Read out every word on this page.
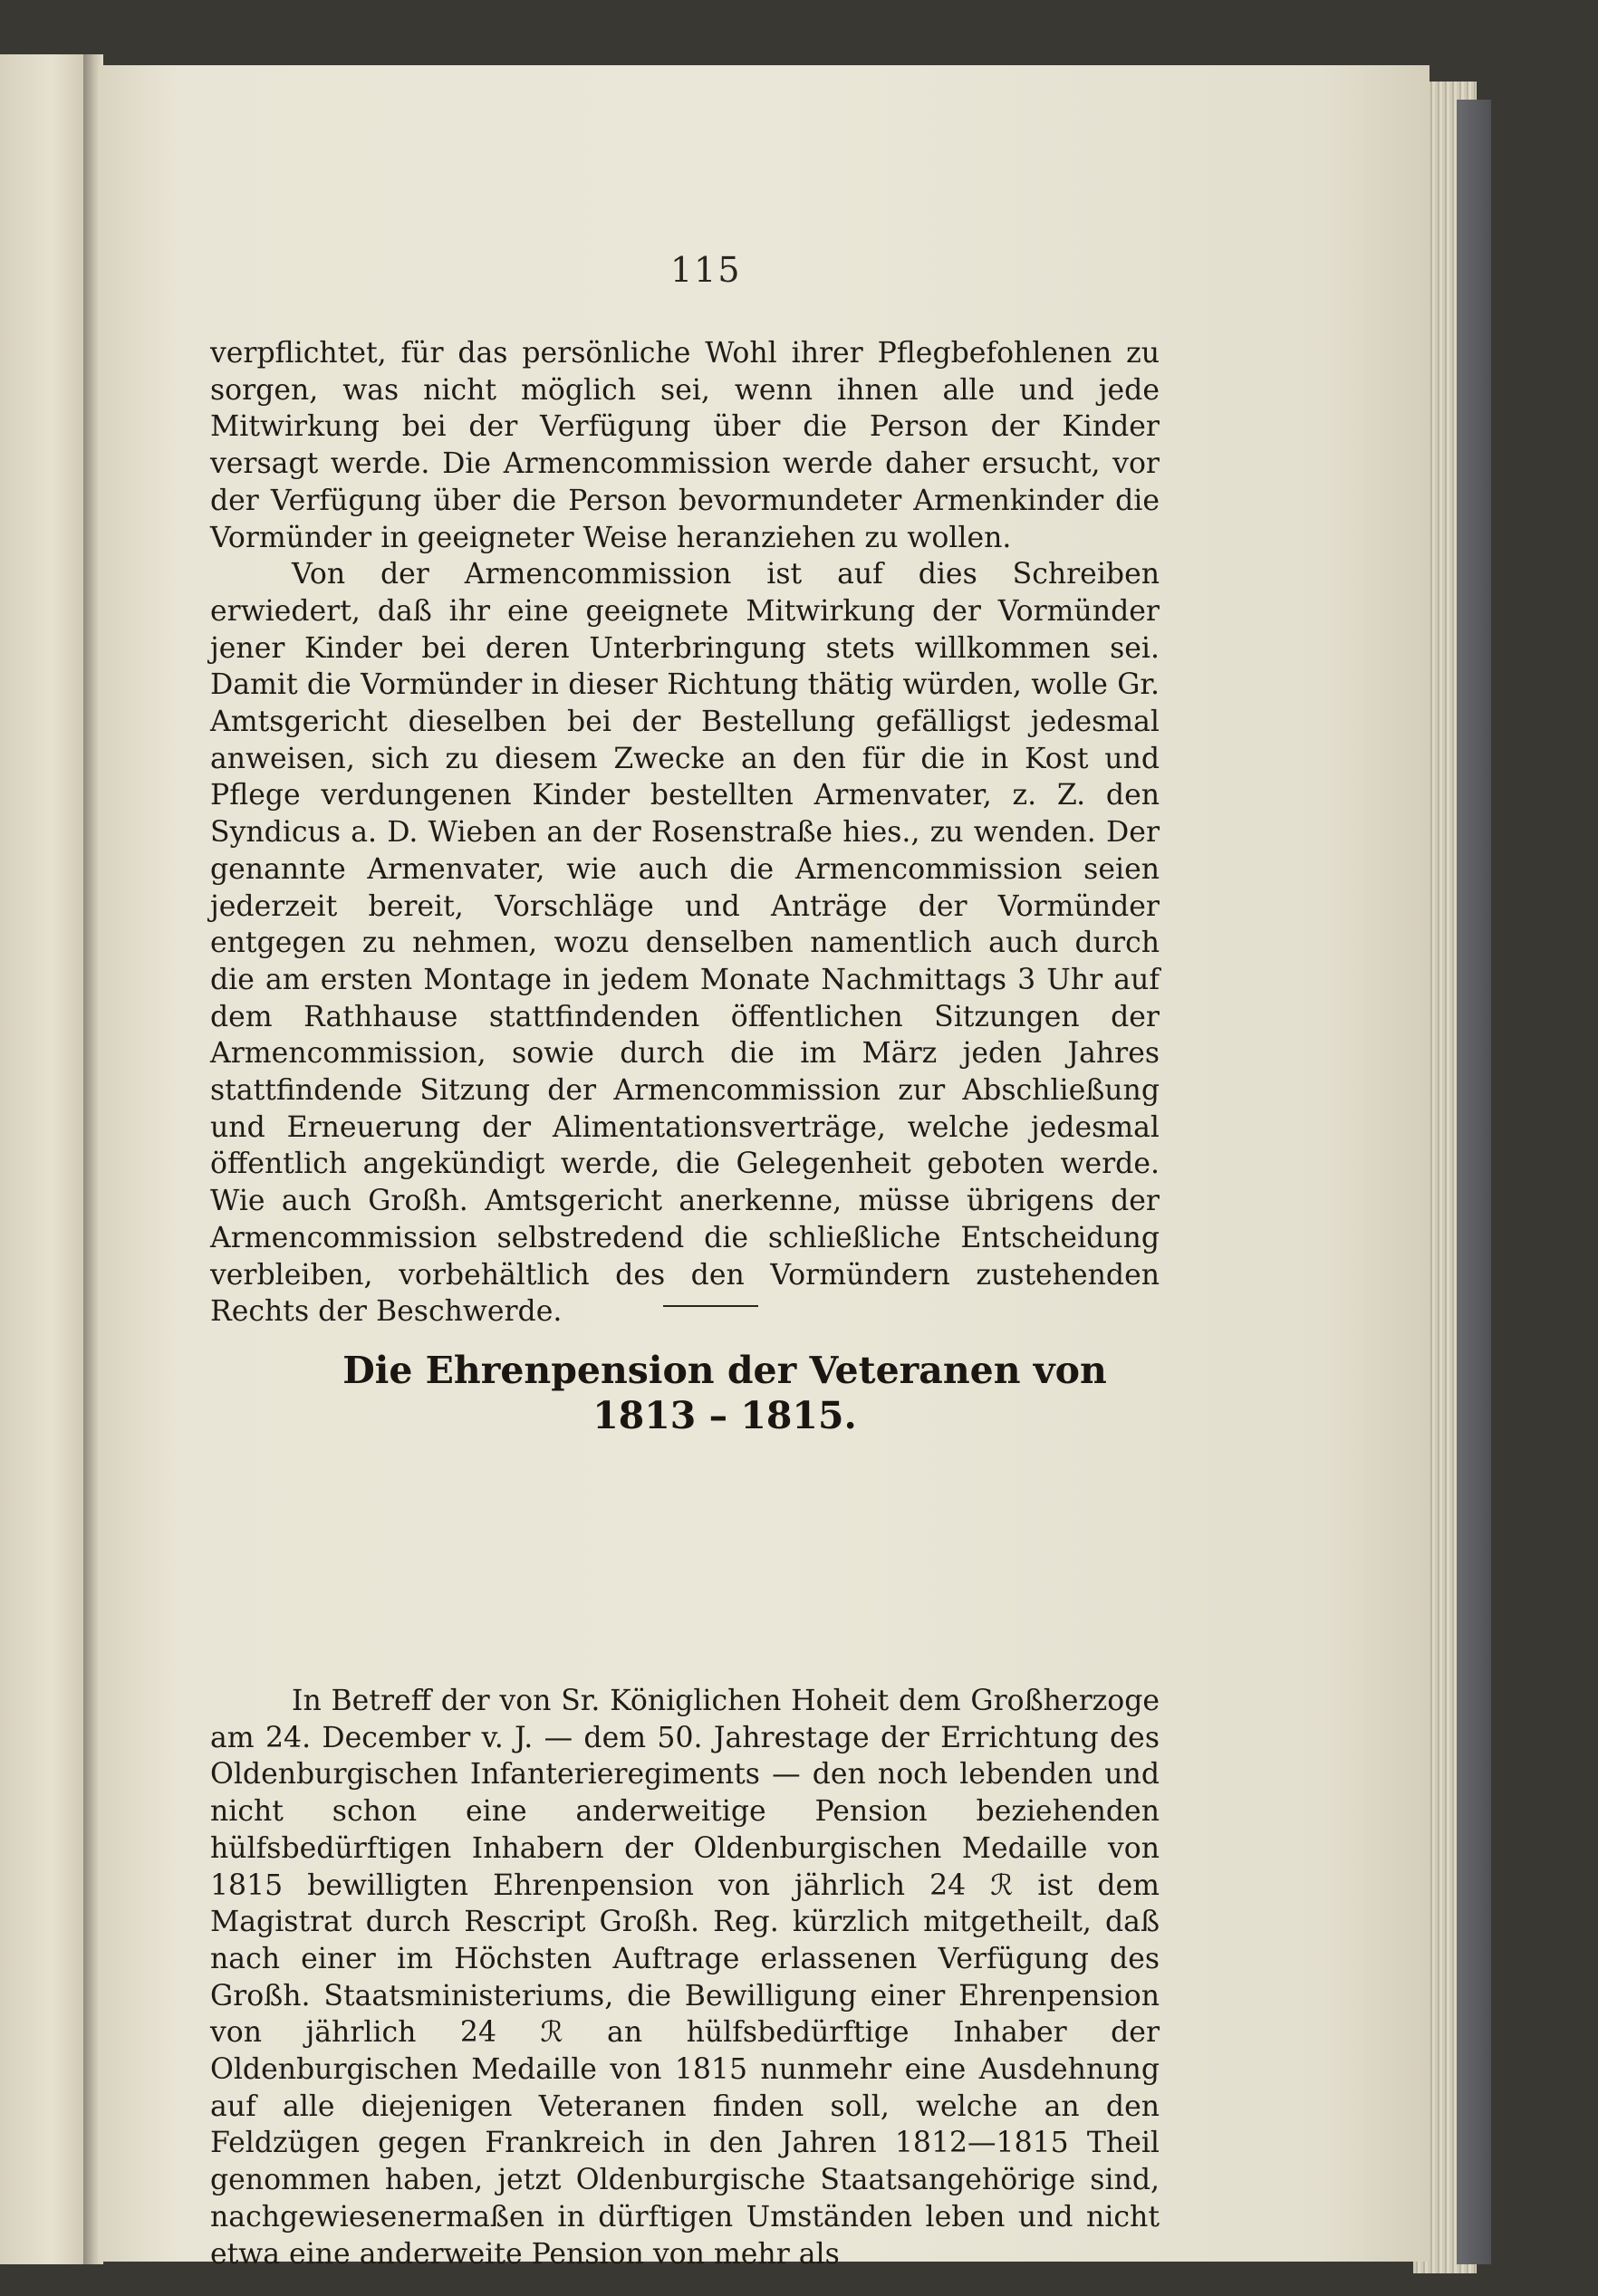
115

verpflichtet, für das persönliche Wohl ihrer Pflegbefohlenen zu sorgen, was nicht möglich sei, wenn ihnen alle und jede Mitwirkung bei der Verfügung über die Person der Kinder versagt werde. Die Armencommission werde daher ersucht, vor der Verfügung über die Person bevormundeter Armenkinder die Vormünder in geeigneter Weise heranziehen zu wollen.

Von der Armencommission ist auf dies Schreiben erwiedert, daß ihr eine geeignete Mitwirkung der Vormünder jener Kinder bei deren Unterbringung stets willkommen sei. Damit die Vormünder in dieser Richtung thätig würden, wolle Gr. Amtsgericht dieselben bei der Bestellung gefälligst jedesmal anweisen, sich zu diesem Zwecke an den für die in Kost und Pflege verdungenen Kinder bestellten Armenvater, z. Z. den Syndicus a. D. Wieben an der Rosenstraße hies., zu wenden. Der genannte Armenvater, wie auch die Armencommission seien jederzeit bereit, Vorschläge und Anträge der Vormünder entgegen zu nehmen, wozu denselben namentlich auch durch die am ersten Montage in jedem Monate Nachmittags 3 Uhr auf dem Rathhause stattfindenden öffentlichen Sitzungen der Armencommission, sowie durch die im März jeden Jahres stattfindende Sitzung der Armencommission zur Abschließung und Erneuerung der Alimentationsverträge, welche jedesmal öffentlich angekündigt werde, die Gelegenheit geboten werde. Wie auch Großh. Amtsgericht anerkenne, müsse übrigens der Armencommission selbstredend die schließliche Entscheidung verbleiben, vorbehältlich des den Vormündern zustehenden Rechts der Beschwerde.

In Betreff der von Sr. Königlichen Hoheit dem Großherzoge am 24. December v. J. — dem 50. Jahrestage der Errichtung des Oldenburgischen Infanterieregiments — den noch lebenden und nicht schon eine anderweitige Pension beziehenden hülfsbedürftigen Inhabern der Oldenburgischen Medaille von 1815 bewilligten Ehrenpension von jährlich 24 ℛ ist dem Magistrat durch Rescript Großh. Reg. kürzlich mitgetheilt, daß nach einer im Höchsten Auftrage erlassenen Verfügung des Großh. Staatsministeriums, die Bewilligung einer Ehrenpension von jährlich 24 ℛ an hülfsbedürftige Inhaber der Oldenburgischen Medaille von 1815 nunmehr eine Ausdehnung auf alle diejenigen Veteranen finden soll, welche an den Feldzügen gegen Frankreich in den Jahren 1812—1815 Theil genommen haben, jetzt Oldenburgische Staatsangehörige sind, nachgewiesenermaßen in dürftigen Umständen leben und nicht etwa eine anderweite Pension von mehr als

Die Ehrenpension der Veteranen von
1813 – 1815.
